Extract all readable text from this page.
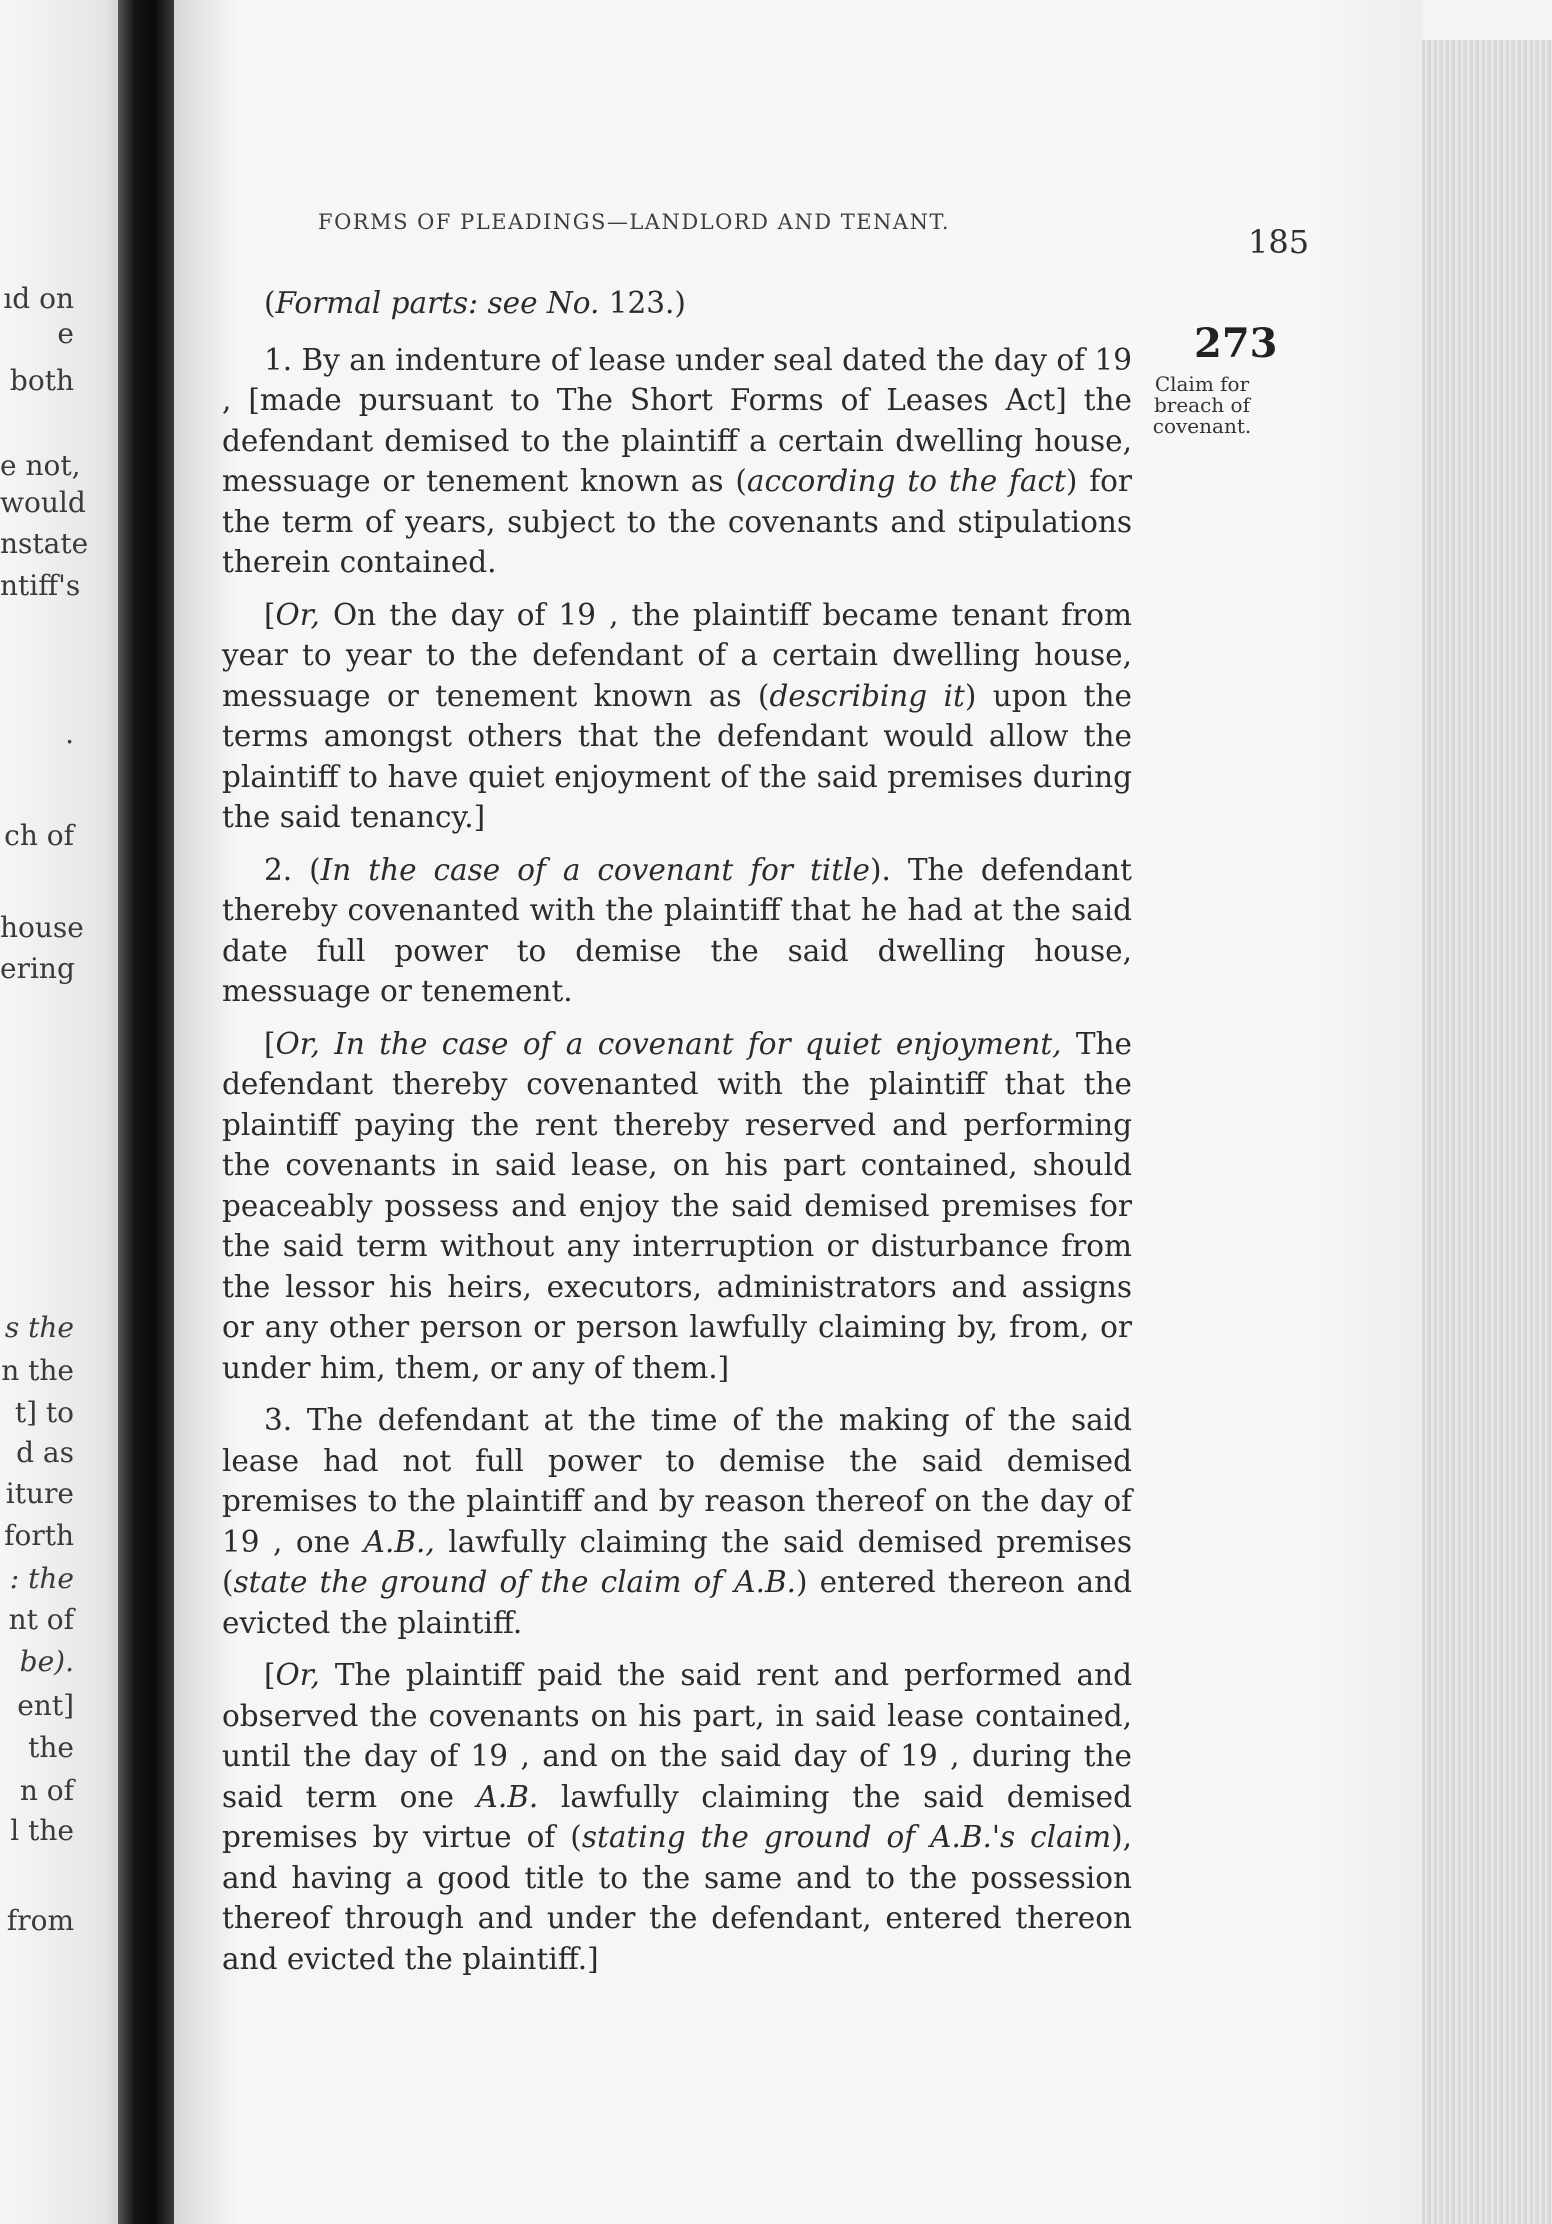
ıd on
e
both
e not,
would
nstate
ntiff's
.
ch of
house
ering
s the
n the
t] to
d as
iture
forth
: the
nt of
be).
ent]
the
n of
l the
from
FORMS OF PLEADINGS—LANDLORD AND TENANT.
185
273
Claim for
breach of
covenant.

(Formal parts: see No. 123.)

1. By an indenture of lease under seal dated the day of 19 , [made pursuant to The Short Forms of Leases Act] the defendant demised to the plaintiff a certain dwelling house, messuage or tenement known as (according to the fact) for the term of years, subject to the covenants and stipulations therein contained.

[Or, On the day of 19 , the plaintiff became tenant from year to year to the defendant of a certain dwelling house, messuage or tenement known as (describing it) upon the terms amongst others that the defendant would allow the plaintiff to have quiet enjoyment of the said premises during the said tenancy.]

2. (In the case of a covenant for title). The defendant thereby covenanted with the plaintiff that he had at the said date full power to demise the said dwelling house, messuage or tenement.

[Or, In the case of a covenant for quiet enjoyment, The defendant thereby covenanted with the plaintiff that the plaintiff paying the rent thereby reserved and performing the covenants in said lease, on his part contained, should peaceably possess and enjoy the said demised premises for the said term without any interruption or disturbance from the lessor his heirs, executors, administrators and assigns or any other person or person lawfully claiming by, from, or under him, them, or any of them.]

3. The defendant at the time of the making of the said lease had not full power to demise the said demised premises to the plaintiff and by reason thereof on the day of 19 , one A.B., lawfully claiming the said demised premises (state the ground of the claim of A.B.) entered thereon and evicted the plaintiff.

[Or, The plaintiff paid the said rent and performed and observed the covenants on his part, in said lease contained, until the day of 19 , and on the said day of 19 , during the said term one A.B. lawfully claiming the said demised premises by virtue of (stating the ground of A.B.'s claim), and having a good title to the same and to the possession thereof through and under the defendant, entered thereon and evicted the plaintiff.]
